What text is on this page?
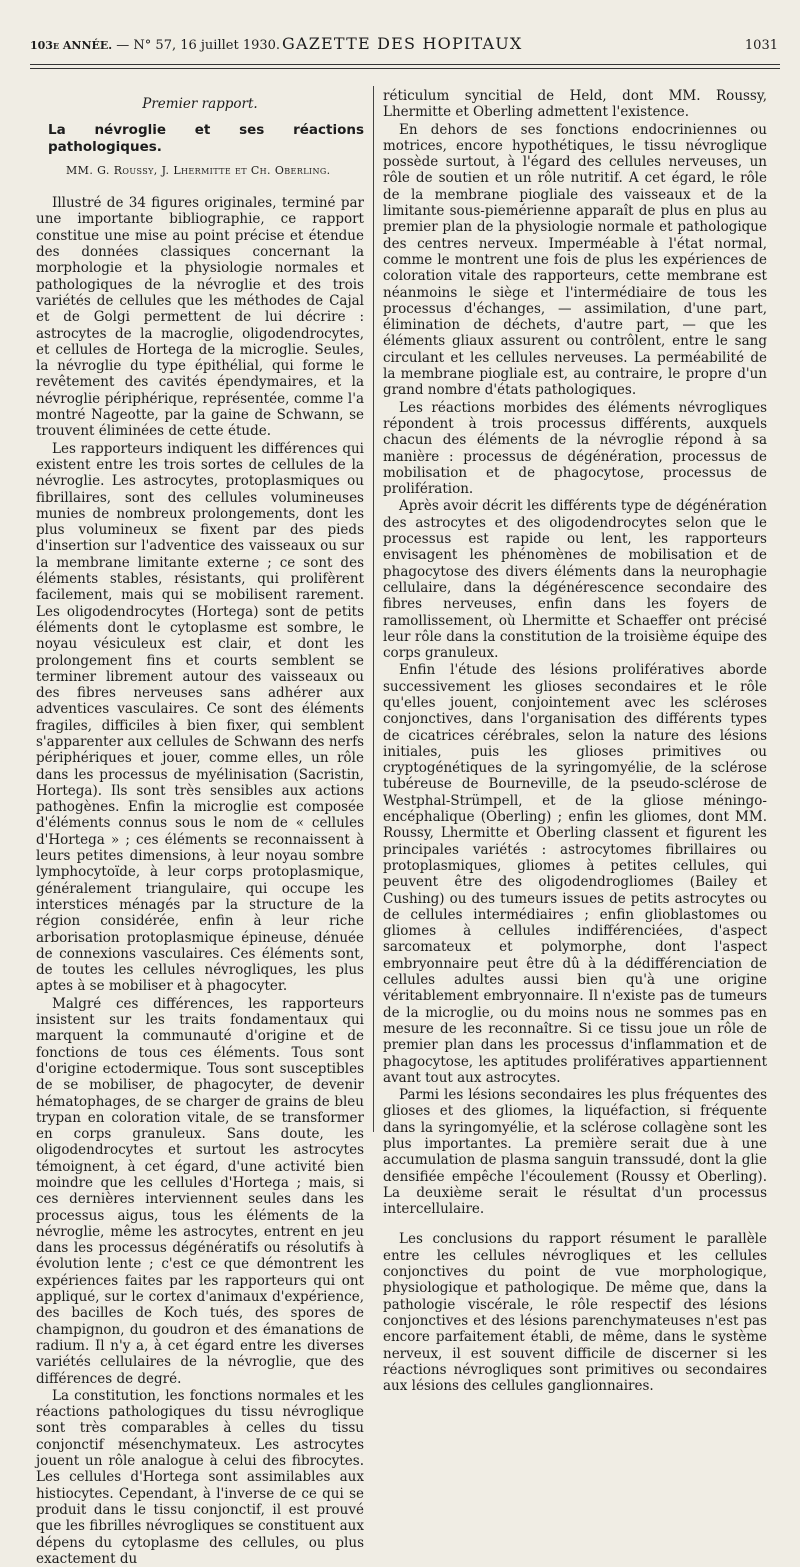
103e ANNÉE. — N° 57, 16 juillet 1930. GAZETTE DES HOPITAUX	1031
Premier rapport.
La névroglie et ses réactions pathologiques.
MM. G. Roussy, J. Lhermitte et Ch. Oberling.

Illustré de 34 figures originales, terminé par une importante bibliographie, ce rapport constitue une mise au point précise et étendue des données classiques concernant la morphologie et la physiologie normales et pathologiques de la névroglie et des trois variétés de cellules que les méthodes de Cajal et de Golgi permettent de lui décrire : astrocytes de la macroglie, oligodendrocytes, et cellules de Hortega de la microglie. Seules, la névroglie du type épithélial, qui forme le revêtement des cavités épendymaires, et la névroglie périphérique, représentée, comme l'a montré Nageotte, par la gaine de Schwann, se trouvent éliminées de cette étude.

Les rapporteurs indiquent les différences qui existent entre les trois sortes de cellules de la névroglie. Les astrocytes, protoplasmiques ou fibrillaires, sont des cellules volumineuses munies de nombreux prolongements, dont les plus volumineux se fixent par des pieds d'insertion sur l'adventice des vaisseaux ou sur la membrane limitante externe ; ce sont des éléments stables, résistants, qui prolifèrent facilement, mais qui se mobilisent rarement. Les oligodendrocytes (Hortega) sont de petits éléments dont le cytoplasme est sombre, le noyau vésiculeux est clair, et dont les prolongement fins et courts semblent se terminer librement autour des vaisseaux ou des fibres nerveuses sans adhérer aux adventices vasculaires. Ce sont des éléments fragiles, difficiles à bien fixer, qui semblent s'apparenter aux cellules de Schwann des nerfs périphériques et jouer, comme elles, un rôle dans les processus de myélinisation (Sacristin, Hortega). Ils sont très sensibles aux actions pathogènes. Enfin la microglie est composée d'éléments connus sous le nom de « cellules d'Hortega » ; ces éléments se reconnaissent à leurs petites dimensions, à leur noyau sombre lymphocytoïde, à leur corps protoplasmique, généralement triangulaire, qui occupe les interstices ménagés par la structure de la région considérée, enfin à leur riche arborisation protoplasmique épineuse, dénuée de connexions vasculaires. Ces éléments sont, de toutes les cellules névrogliques, les plus aptes à se mobiliser et à phagocyter.

Malgré ces différences, les rapporteurs insistent sur les traits fondamentaux qui marquent la communauté d'origine et de fonctions de tous ces éléments. Tous sont d'origine ectodermique. Tous sont susceptibles de se mobiliser, de phagocyter, de devenir hématophages, de se charger de grains de bleu trypan en coloration vitale, de se transformer en corps granuleux. Sans doute, les oligodendrocytes et surtout les astrocytes témoignent, à cet égard, d'une activité bien moindre que les cellules d'Hortega ; mais, si ces dernières interviennent seules dans les processus aigus, tous les éléments de la névroglie, même les astrocytes, entrent en jeu dans les processus dégénératifs ou résolutifs à évolution lente ; c'est ce que démontrent les expériences faites par les rapporteurs qui ont appliqué, sur le cortex d'animaux d'expérience, des bacilles de Koch tués, des spores de champignon, du goudron et des émanations de radium. Il n'y a, à cet égard entre les diverses variétés cellulaires de la névroglie, que des différences de degré.

La constitution, les fonctions normales et les réactions pathologiques du tissu névroglique sont très comparables à celles du tissu conjonctif mésenchymateux. Les astrocytes jouent un rôle analogue à celui des fibrocytes. Les cellules d'Hortega sont assimilables aux histiocytes. Cependant, à l'inverse de ce qui se produit dans le tissu conjonctif, il est prouvé que les fibrilles névrogliques se constituent aux dépens du cytoplasme des cellules, ou plus exactement du

réticulum syncitial de Held, dont MM. Roussy, Lhermitte et Oberling admettent l'existence.

En dehors de ses fonctions endocriniennes ou motrices, encore hypothétiques, le tissu névroglique possède surtout, à l'égard des cellules nerveuses, un rôle de soutien et un rôle nutritif. A cet égard, le rôle de la membrane piogliale des vaisseaux et de la limitante sous-piemérienne apparaît de plus en plus au premier plan de la physiologie normale et pathologique des centres nerveux. Imperméable à l'état normal, comme le montrent une fois de plus les expériences de coloration vitale des rapporteurs, cette membrane est néanmoins le siège et l'intermédiaire de tous les processus d'échanges, — assimilation, d'une part, élimination de déchets, d'autre part, — que les éléments gliaux assurent ou contrôlent, entre le sang circulant et les cellules nerveuses. La perméabilité de la membrane piogliale est, au contraire, le propre d'un grand nombre d'états pathologiques.

Les réactions morbides des éléments névrogliques répondent à trois processus différents, auxquels chacun des éléments de la névroglie répond à sa manière : processus de dégénération, processus de mobilisation et de phagocytose, processus de prolifération.

Après avoir décrit les différents type de dégénération des astrocytes et des oligodendrocytes selon que le processus est rapide ou lent, les rapporteurs envisagent les phénomènes de mobilisation et de phagocytose des divers éléments dans la neurophagie cellulaire, dans la dégénérescence secondaire des fibres nerveuses, enfin dans les foyers de ramollissement, où Lhermitte et Schaeffer ont précisé leur rôle dans la constitution de la troisième équipe des corps granuleux.

Enfin l'étude des lésions prolifératives aborde successivement les glioses secondaires et le rôle qu'elles jouent, conjointement avec les scléroses conjonctives, dans l'organisation des différents types de cicatrices cérébrales, selon la nature des lésions initiales, puis les glioses primitives ou cryptogénétiques de la syringomyélie, de la sclérose tubéreuse de Bourneville, de la pseudo-sclérose de Westphal-Strümpell, et de la gliose méningo-encéphalique (Oberling) ; enfin les gliomes, dont MM. Roussy, Lhermitte et Oberling classent et figurent les principales variétés : astrocytomes fibrillaires ou protoplasmiques, gliomes à petites cellules, qui peuvent être des oligodendrogliomes (Bailey et Cushing) ou des tumeurs issues de petits astrocytes ou de cellules intermédiaires ; enfin glioblastomes ou gliomes à cellules indifférenciées, d'aspect sarcomateux et polymorphe, dont l'aspect embryonnaire peut être dû à la dédifférenciation de cellules adultes aussi bien qu'à une origine véritablement embryonnaire. Il n'existe pas de tumeurs de la microglie, ou du moins nous ne sommes pas en mesure de les reconnaître. Si ce tissu joue un rôle de premier plan dans les processus d'inflammation et de phagocytose, les aptitudes prolifératives appartiennent avant tout aux astrocytes.

Parmi les lésions secondaires les plus fréquentes des glioses et des gliomes, la liquéfaction, si fréquente dans la syringomyélie, et la sclérose collagène sont les plus importantes. La première serait due à une accumulation de plasma sanguin transsudé, dont la glie densifiée empêche l'écoulement (Roussy et Oberling). La deuxième serait le résultat d'un processus intercellulaire.

Les conclusions du rapport résument le parallèle entre les cellules névrogliques et les cellules conjonctives du point de vue morphologique, physiologique et pathologique. De même que, dans la pathologie viscérale, le rôle respectif des lésions conjonctives et des lésions parenchymateuses n'est pas encore parfaitement établi, de même, dans le système nerveux, il est souvent difficile de discerner si les réactions névrogliques sont primitives ou secondaires aux lésions des cellules ganglionnaires.
